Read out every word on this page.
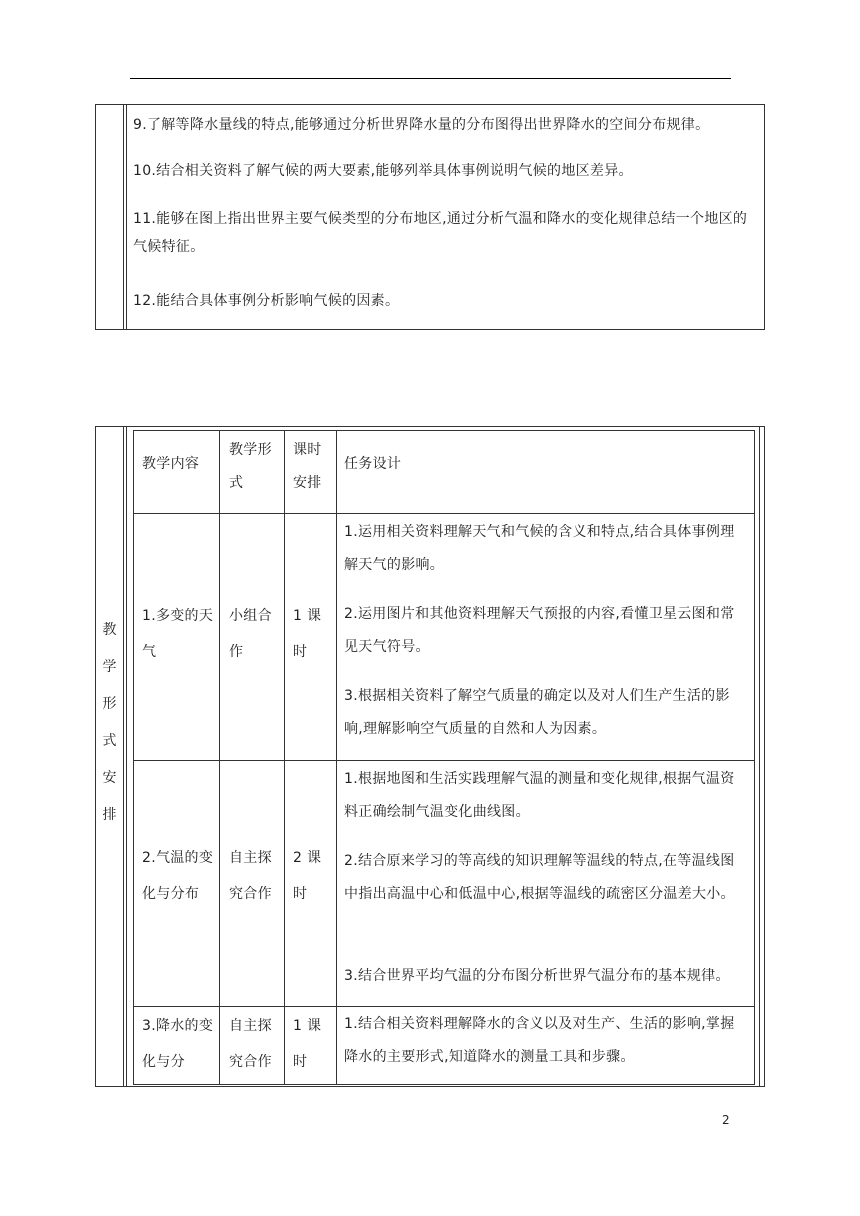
9.了解等降水量线的特点,能够通过分析世界降水量的分布图得出世界降水的空间分布规律。
10.结合相关资料了解气候的两大要素,能够列举具体事例说明气候的地区差异。
11.能够在图上指出世界主要气候类型的分布地区,通过分析气温和降水的变化规律总结一个地区的气候特征。
12.能结合具体事例分析影响气候的因素。
教
学
形
式
安
排
教学内容
教学形式
课时安排
任务设计
1.多变的天气
小组合作
1 课时
1.运用相关资料理解天气和气候的含义和特点,结合具体事例理解天气的影响。
2.运用图片和其他资料理解天气预报的内容,看懂卫星云图和常见天气符号。
3.根据相关资料了解空气质量的确定以及对人们生产生活的影响,理解影响空气质量的自然和人为因素。
2.气温的变化与分布
自主探究合作
2 课时
1.根据地图和生活实践理解气温的测量和变化规律,根据气温资料正确绘制气温变化曲线图。
2.结合原来学习的等高线的知识理解等温线的特点,在等温线图中指出高温中心和低温中心,根据等温线的疏密区分温差大小。
3.结合世界平均气温的分布图分析世界气温分布的基本规律。
3.降水的变化与分
自主探究合作
1 课时
1.结合相关资料理解降水的含义以及对生产、生活的影响,掌握降水的主要形式,知道降水的测量工具和步骤。
2
